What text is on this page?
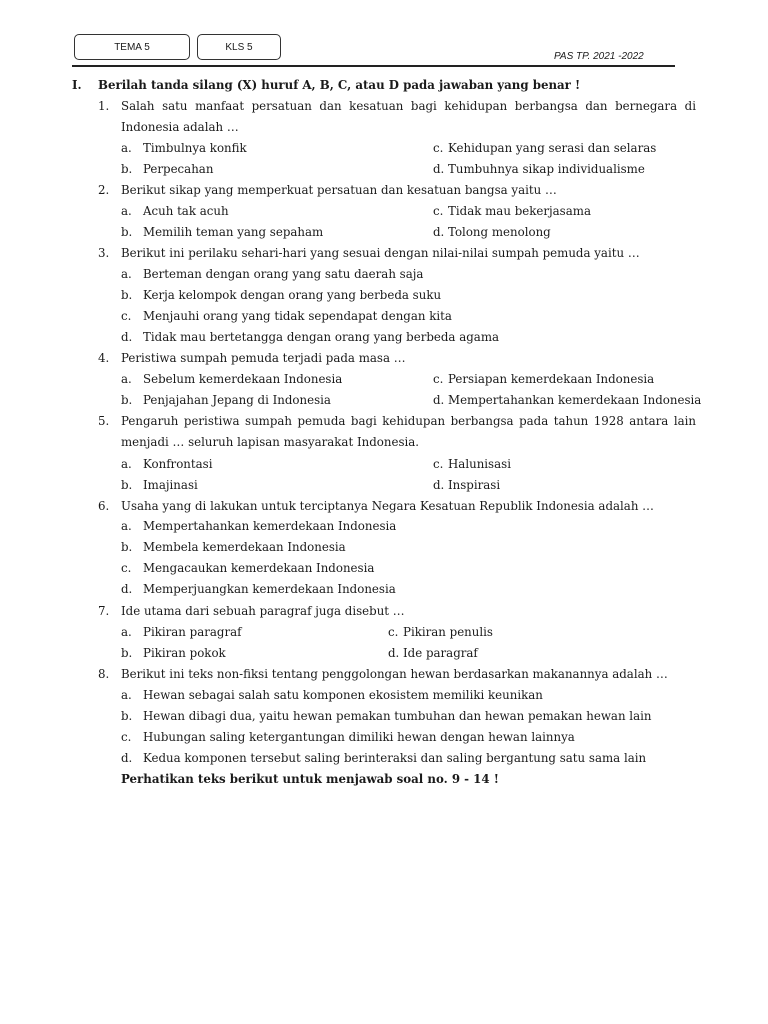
TEMA 5	KLS 5
PAS TP. 2021 -2022
I. Berilah tanda silang (X) huruf A, B, C, atau D pada jawaban yang benar !
1. Salah satu manfaat persatuan dan kesatuan bagi kehidupan berbangsa dan bernegara di
Indonesia adalah …
a. Timbulnya konfik
b. Perpecahan
c. Kehidupan yang serasi dan selaras
d. Tumbuhnya sikap individualisme
2. Berikut sikap yang memperkuat persatuan dan kesatuan bangsa yaitu …
a. Acuh tak acuh
b. Memilih teman yang sepaham
c. Tidak mau bekerjasama
d. Tolong menolong
3. Berikut ini perilaku sehari-hari yang sesuai dengan nilai-nilai sumpah pemuda yaitu …
a. Berteman dengan orang yang satu daerah saja
b. Kerja kelompok dengan orang yang berbeda suku
c. Menjauhi orang yang tidak sependapat dengan kita
d. Tidak mau bertetangga dengan orang yang berbeda agama
4. Peristiwa sumpah pemuda terjadi pada masa …
a. Sebelum kemerdekaan Indonesia
b. Penjajahan Jepang di Indonesia
c. Persiapan kemerdekaan Indonesia
d. Mempertahankan kemerdekaan Indonesia
5. Pengaruh peristiwa sumpah pemuda bagi kehidupan berbangsa pada tahun 1928 antara lain
menjadi … seluruh lapisan masyarakat Indonesia.
a. Konfrontasi
b. Imajinasi
c. Halunisasi
d. Inspirasi
6. Usaha yang di lakukan untuk terciptanya Negara Kesatuan Republik Indonesia adalah …
a. Mempertahankan kemerdekaan Indonesia
b. Membela kemerdekaan Indonesia
c. Mengacaukan kemerdekaan Indonesia
d. Memperjuangkan kemerdekaan Indonesia
7. Ide utama dari sebuah paragraf juga disebut …
a. Pikiran paragraf
b. Pikiran pokok
c. Pikiran penulis
d. Ide paragraf
8. Berikut ini teks non-fiksi tentang penggolongan hewan berdasarkan makanannya adalah …
a. Hewan sebagai salah satu komponen ekosistem memiliki keunikan
b. Hewan dibagi dua, yaitu hewan pemakan tumbuhan dan hewan pemakan hewan lain
c. Hubungan saling ketergantungan dimiliki hewan dengan hewan lainnya
d. Kedua komponen tersebut saling berinteraksi dan saling bergantung satu sama lain
Perhatikan teks berikut untuk menjawab soal no. 9 - 14 !
